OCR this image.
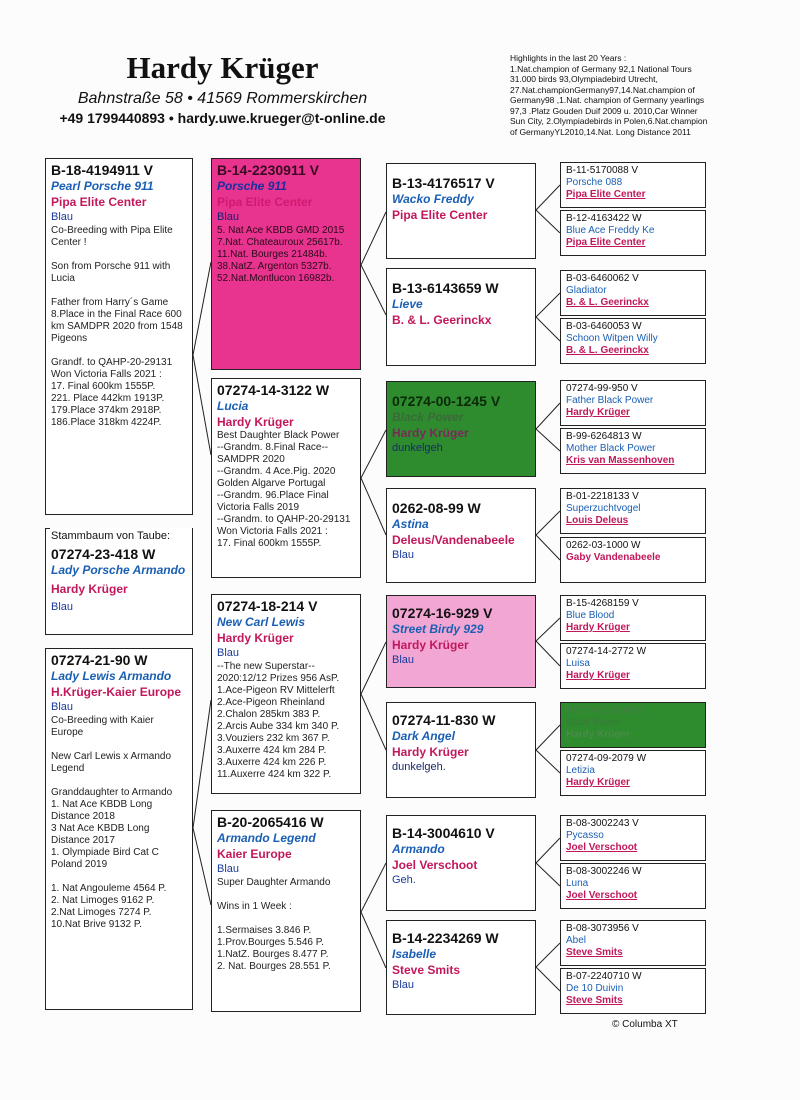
Hardy Krüger
Bahnstraße 58 • 41569 Rommerskirchen
+49 1799440893 • hardy.uwe.krueger@t-online.de
Highlights in the last 20 Years :
1.Nat.champion of Germany 92,1 National Tours 31.000 birds 93,Olympiadebird Utrecht, 27.Nat.championGermany97,14.Nat.champion of Germany98 ,1.Nat. champion of Germany yearlings 97,3 .Platz Gouden Duif 2009 u. 2010,Car Winner Sun City, 2.Olympiadebirds in Polen,6.Nat.champion of GermanyYL2010,14.Nat. Long Distance 2011
B-18-4194911 V
Pearl Porsche 911
Pipa Elite Center
Blau
Co-Breeding with Pipa Elite Center !

Son from Porsche 911 with Lucia

Father from Harry´s Game 8.Place in the Final Race 600 km SAMDPR 2020 from 1548 Pigeons

Grandf. to QAHP-20-29131 Won Victoria Falls 2021 :
17. Final 600km 1555P.
221. Place 442km 1913P.
179.Place 374km 2918P.
186.Place 318km 4224P.
Stammbaum von Taube:
07274-23-418 W
Lady Porsche Armando
Hardy Krüger
Blau
07274-21-90 W
Lady Lewis Armando
H.Krüger-Kaier Europe
Blau
Co-Breeding with Kaier Europe

New Carl Lewis x Armando Legend

Granddaughter to Armando
1. Nat Ace KBDB Long Distance 2018
3 Nat Ace KBDB Long Distance 2017
1. Olympiade Bird Cat C Poland 2019

1. Nat Angouleme 4564 P.
2. Nat Limoges 9162 P.
2.Nat Limoges 7274 P.
10.Nat Brive 9132 P.
B-14-2230911 V
Porsche 911
Pipa Elite Center
Blau
5. Nat Ace KBDB GMD 2015
7.Nat. Chateauroux 25617b.
11.Nat. Bourges 21484b.
38.NatZ. Argenton 5327b.
52.Nat.Montlucon 16982b.
07274-14-3122 W
Lucia
Hardy Krüger
Best Daughter Black Power
--Grandm. 8.Final Race--
SAMDPR 2020
--Grandm. 4 Ace.Pig. 2020
Golden Algarve Portugal
--Grandm. 96.Place Final
Victoria Falls 2019
--Grandm. to QAHP-20-29131
Won Victoria Falls 2021 :
17. Final 600km 1555P.
07274-18-214 V
New Carl Lewis
Hardy Krüger
Blau
--The new Superstar--
2020:12/12 Prizes 956 AsP.
1.Ace-Pigeon RV Mittelerft
2.Ace-Pigeon Rheinland
2.Chalon 285km 383 P.
2.Arcis Aube 334 km 340 P.
3.Vouziers 232 km 367 P.
3.Auxerre 424 km 284 P.
3.Auxerre 424 km 226 P.
11.Auxerre 424 km 322 P.
B-20-2065416 W
Armando Legend
Kaier Europe
Blau
Super Daughter Armando

Wins in 1 Week :

1.Sermaises 3.846 P.
1.Prov.Bourges 5.546 P.
1.NatZ. Bourges 8.477 P.
2. Nat. Bourges 28.551 P.
B-13-4176517 V
Wacko Freddy
Pipa Elite Center
B-13-6143659 W
Lieve
B. & L. Geerinckx
07274-00-1245 V
Black Power
Hardy Krüger
dunkelgeh
0262-08-99 W
Astina
Deleus/Vandenabeele
Blau
07274-16-929 V
Street Birdy 929
Hardy Krüger
Blau
07274-11-830 W
Dark Angel
Hardy Krüger
dunkelgeh.
B-14-3004610 V
Armando
Joel Verschoot
Geh.
B-14-2234269 W
Isabelle
Steve Smits
Blau
B-11-5170088 V
Porsche 088
Pipa Elite Center
B-12-4163422 W
Blue Ace Freddy Ke
Pipa Elite Center
B-03-6460062 V
Gladiator
B. & L. Geerinckx
B-03-6460053 W
Schoon Witpen Willy
B. & L. Geerinckx
07274-99-950 V
Father Black Power
Hardy Krüger
B-99-6264813 W
Mother Black Power
Kris van Massenhoven
B-01-2218133 V
Superzuchtvogel
Louis Deleus
0262-03-1000 W
Gaby Vandenabeele
B-15-4268159 V
Blue Blood
Hardy Krüger
07274-14-2772 W
Luisa
Hardy Krüger
07274-00-1245 V
Black Power
Hardy Krüger
07274-09-2079 W
Letizia
Hardy Krüger
B-08-3002243 V
Pycasso
Joel Verschoot
B-08-3002246 W
Luna
Joel Verschoot
B-08-3073956 V
Abel
Steve Smits
B-07-2240710 W
De 10 Duivin
Steve Smits
© Columba XT
